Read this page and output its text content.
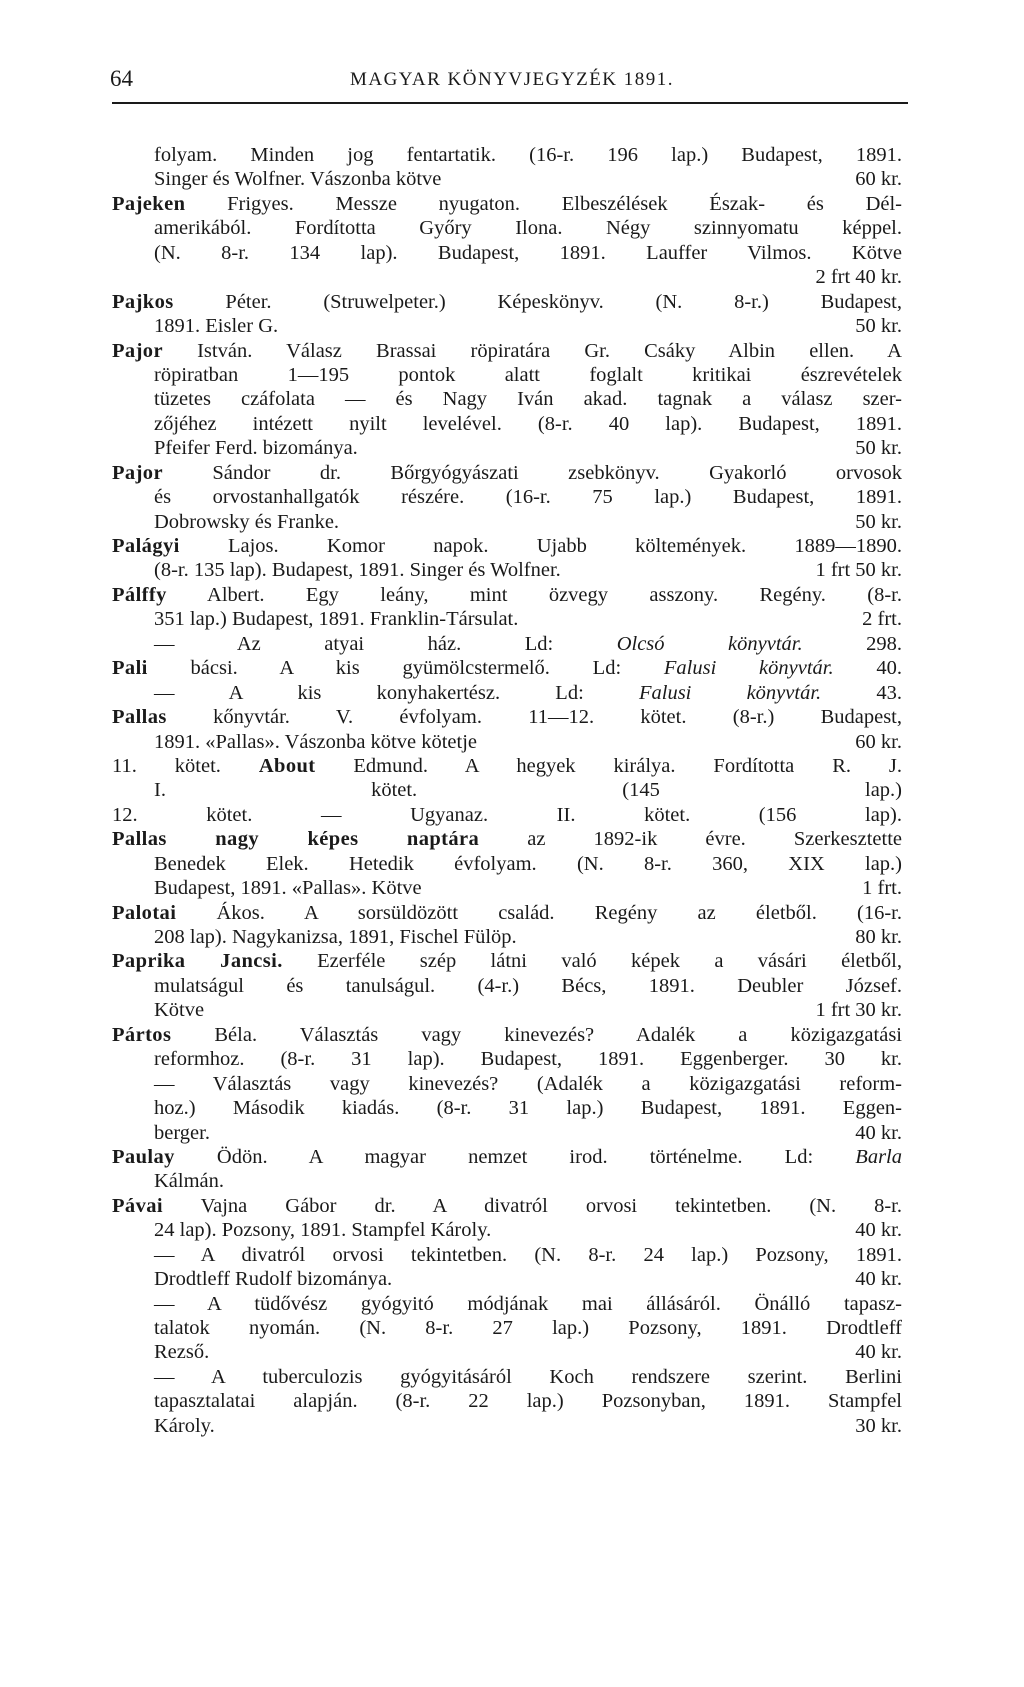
64	MAGYAR KÖNYVJEGYZÉK 1891.
folyam. Minden jog fentartatik. (16-r. 196 lap.) Budapest, 1891.
Singer és Wolfner. Vászonba kötve	60 kr.
Pajeken Frigyes. Messze nyugaton. Elbeszélések Észak- és Dél-
amerikából. Fordította Győry Ilona. Négy szinnyomatu képpel.
(N. 8-r. 134 lap). Budapest, 1891. Lauffer Vilmos. Kötve
2 frt 40 kr.
Pajkos Péter. (Struwelpeter.) Képeskönyv. (N. 8-r.) Budapest,
1891. Eisler G.	50 kr.
Pajor István. Válasz Brassai röpiratára Gr. Csáky Albin ellen. A
röpiratban 1—195 pontok alatt foglalt kritikai észrevételek
tüzetes czáfolata — és Nagy Iván akad. tagnak a válasz szer-
zőjéhez intézett nyilt levelével. (8-r. 40 lap). Budapest, 1891.
Pfeifer Ferd. bizománya.	50 kr.
Pajor Sándor dr. Bőrgyógyászati zsebkönyv. Gyakorló orvosok
és orvostanhallgatók részére. (16-r. 75 lap.) Budapest, 1891.
Dobrowsky és Franke.	50 kr.
Palágyi Lajos. Komor napok. Ujabb költemények. 1889—1890.
(8-r. 135 lap). Budapest, 1891. Singer és Wolfner.	1 frt 50 kr.
Pálffy Albert. Egy leány, mint özvegy asszony. Regény. (8-r.
351 lap.) Budapest, 1891. Franklin-Társulat.	2 frt.
— Az atyai ház. Ld: Olcsó könyvtár. 298.
Pali bácsi. A kis gyümölcstermelő. Ld: Falusi könyvtár. 40.
— A kis konyhakertész. Ld: Falusi könyvtár. 43.
Pallas kőnyvtár. V. évfolyam. 11—12. kötet. (8-r.) Budapest,
1891. «Pallas». Vászonba kötve kötetje	60 kr.
11. kötet. About Edmund. A hegyek királya. Fordította R. J.
I. kötet. (145 lap.)
12. kötet. — Ugyanaz. II. kötet. (156 lap).
Pallas nagy képes naptára az 1892-ik évre. Szerkesztette
Benedek Elek. Hetedik évfolyam. (N. 8-r. 360, XIX lap.)
Budapest, 1891. «Pallas». Kötve	1 frt.
Palotai Ákos. A sorsüldözött család. Regény az életből. (16-r.
208 lap). Nagykanizsa, 1891, Fischel Fülöp.	80 kr.
Paprika Jancsi. Ezerféle szép látni való képek a vásári életből,
mulatságul és tanulságul. (4-r.) Bécs, 1891. Deubler József.
Kötve	1 frt 30 kr.
Pártos Béla. Választás vagy kinevezés? Adalék a közigazgatási
reformhoz. (8-r. 31 lap). Budapest, 1891. Eggenberger. 30 kr.
— Választás vagy kinevezés? (Adalék a közigazgatási reform-
hoz.) Második kiadás. (8-r. 31 lap.) Budapest, 1891. Eggen-
berger.	40 kr.
Paulay Ödön. A magyar nemzet irod. történelme. Ld: Barla
Kálmán.
Pávai Vajna Gábor dr. A divatról orvosi tekintetben. (N. 8-r.
24 lap). Pozsony, 1891. Stampfel Károly.	40 kr.
— A divatról orvosi tekintetben. (N. 8-r. 24 lap.) Pozsony, 1891.
Drodtleff Rudolf bizománya.	40 kr.
— A tüdővész gyógyitó módjának mai állásáról. Önálló tapasz-
talatok nyomán. (N. 8-r. 27 lap.) Pozsony, 1891. Drodtleff
Rezső.	40 kr.
— A tuberculozis gyógyitásáról Koch rendszere szerint. Berlini
tapasztalatai alapján. (8-r. 22 lap.) Pozsonyban, 1891. Stampfel
Károly.	30 kr.
